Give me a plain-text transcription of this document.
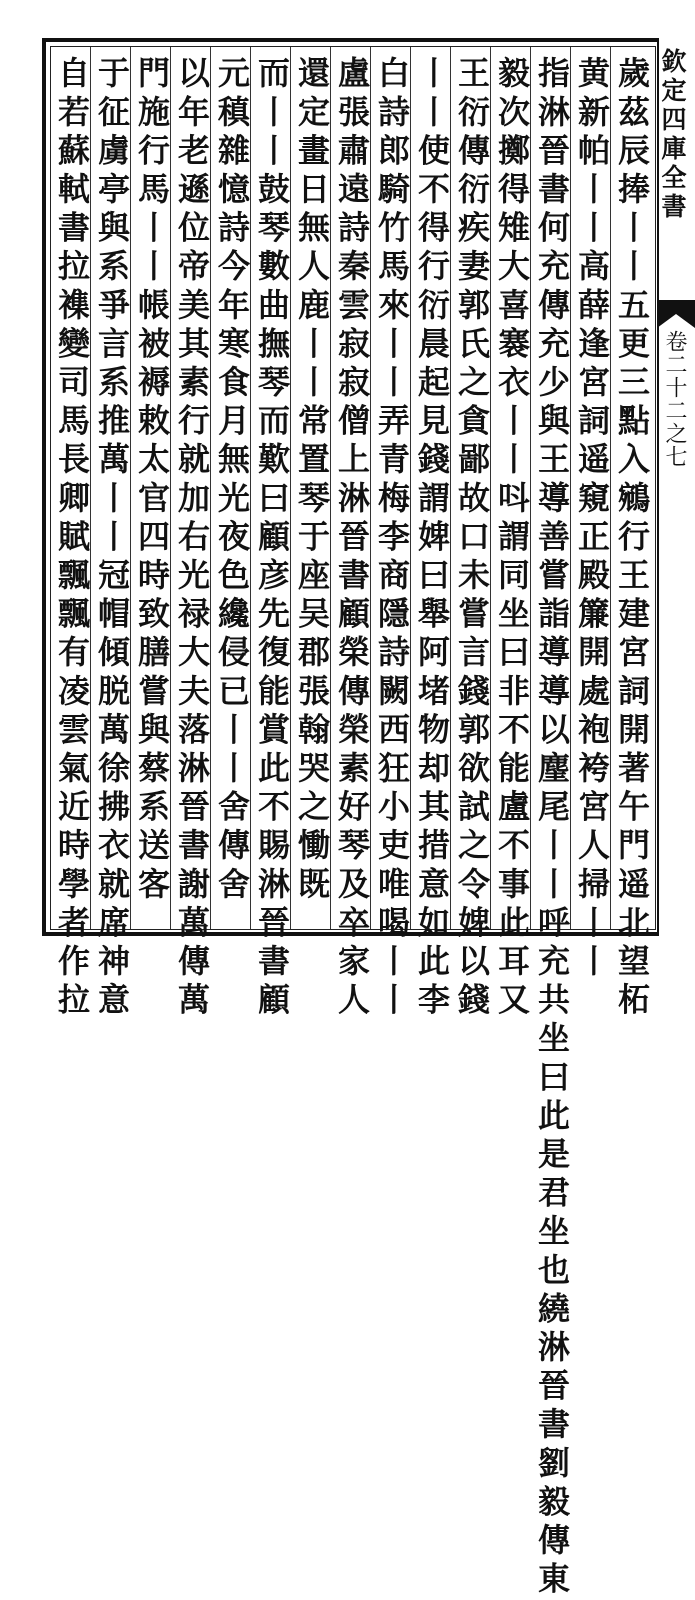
歲茲辰捧丨丨五更三點入鵷行王建宮詞開著午門遥北望柘
黄新帕丨丨高薛逢宮詞遥窺正殿簾開處袍袴宮人掃丨丨
指淋晉書何充傳充少與王導善嘗詣導導以麈尾丨丨呼充共坐曰此是君坐也繞淋晉書劉毅傳東
毅次擲得雉大喜褰衣丨丨呌謂同坐曰非不能盧不事此耳又
王衍傳衍疾妻郭氏之貪鄙故口未嘗言錢郭欲試之令婢以錢
丨丨使不得行衍晨起見錢謂婢曰舉阿堵物却其措意如此李
白詩郎騎竹馬來丨丨弄青梅李商隱詩闕西狂小吏唯喝丨丨
盧張肅遠詩秦雲寂寂僧上淋晉書顧榮傳榮素好琴及卒家人
還定畫日無人鹿丨丨常置琴于座吴郡張翰哭之慟既
而丨丨鼓琴數曲撫琴而歎曰顧彦先復能賞此不賜淋晉書顧
元稹雜憶詩今年寒食月無光夜色纔侵已丨丨舍傳舍
以年老遜位帝美其素行就加右光禄大夫落淋晉書謝萬傳萬
門施行馬丨丨帳被褥敕太官四時致膳嘗與蔡系送客
于征虜亭與系爭言系推萬丨丨冠帽傾脱萬徐拂衣就席神意
自若蘇軾書拉襍變司馬長卿賦飄飄有凌雲氣近時學者作拉	欽定四庫全書
卷二十二之七
